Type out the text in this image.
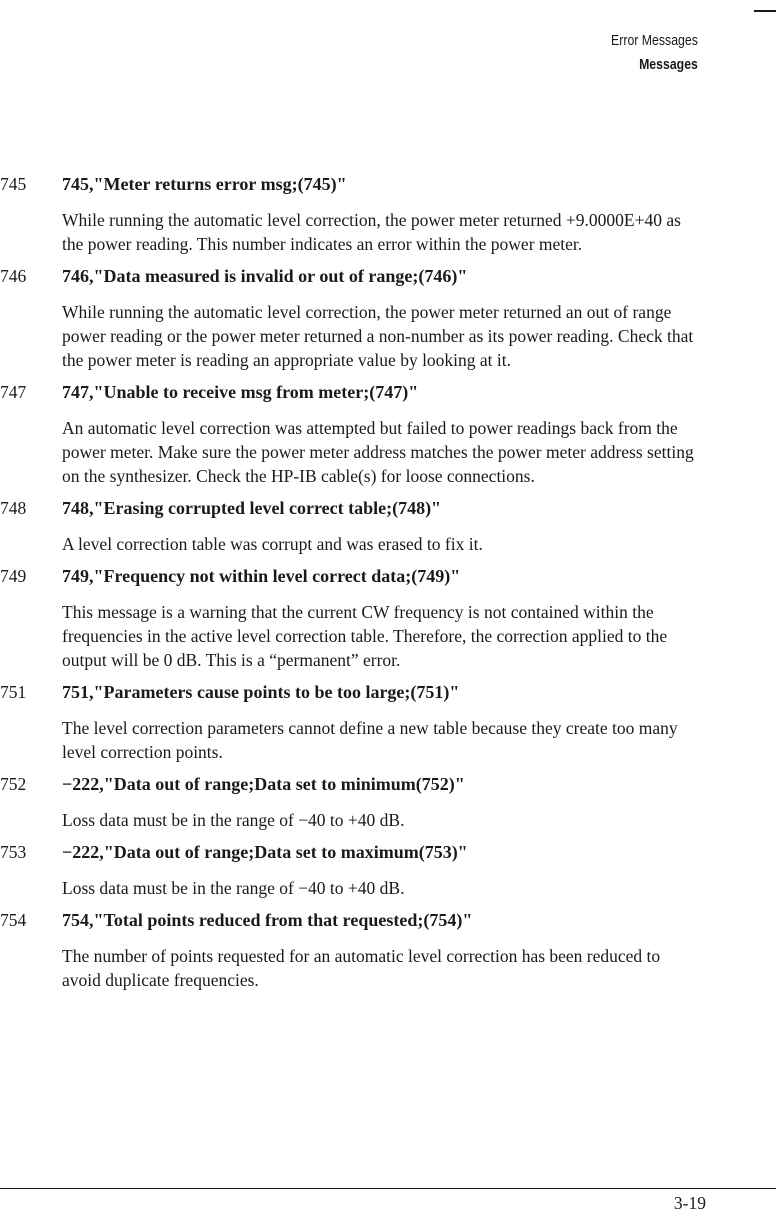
Error Messages
Messages
745 745,"Meter returns error msg;(745)"
While running the automatic level correction, the power meter returned +9.0000E+40 as the power reading. This number indicates an error within the power meter.
746 746,"Data measured is invalid or out of range;(746)"
While running the automatic level correction, the power meter returned an out of range power reading or the power meter returned a non-number as its power reading. Check that the power meter is reading an appropriate value by looking at it.
747 747,"Unable to receive msg from meter;(747)"
An automatic level correction was attempted but failed to power readings back from the power meter. Make sure the power meter address matches the power meter address setting on the synthesizer. Check the HP-IB cable(s) for loose connections.
748 748,"Erasing corrupted level correct table;(748)"
A level correction table was corrupt and was erased to fix it.
749 749,"Frequency not within level correct data;(749)"
This message is a warning that the current CW frequency is not contained within the frequencies in the active level correction table. Therefore, the correction applied to the output will be 0 dB. This is a “permanent” error.
751 751,"Parameters cause points to be too large;(751)"
The level correction parameters cannot define a new table because they create too many level correction points.
752 −222,"Data out of range;Data set to minimum(752)"
Loss data must be in the range of −40 to +40 dB.
753 −222,"Data out of range;Data set to maximum(753)"
Loss data must be in the range of −40 to +40 dB.
754 754,"Total points reduced from that requested;(754)"
The number of points requested for an automatic level correction has been reduced to avoid duplicate frequencies.
3-19
